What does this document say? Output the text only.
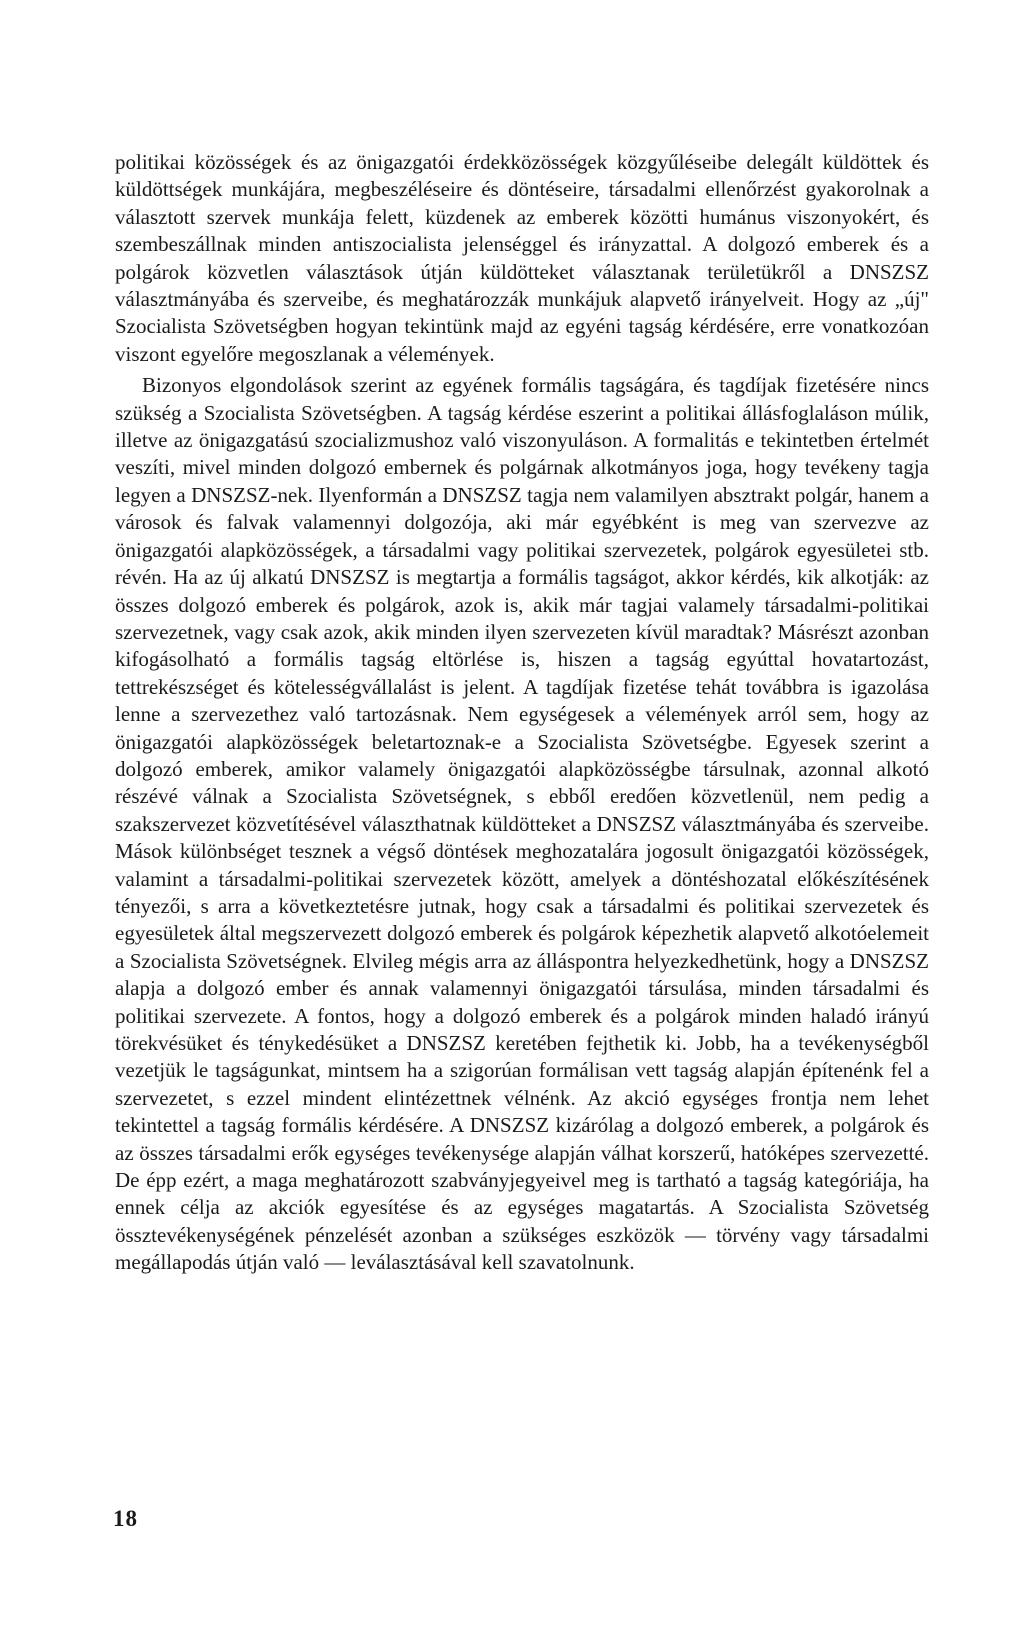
politikai közösségek és az önigazgatói érdekközösségek közgyűléseibe delegált küldöttek és küldöttségek munkájára, megbeszéléseire és döntéseire, társadalmi ellenőrzést gyakorolnak a választott szervek munkája felett, küzdenek az emberek közötti humánus viszonyokért, és szembeszállnak minden antiszocialista jelenséggel és irányzattal. A dolgozó emberek és a polgárok közvetlen választások útján küldötteket választanak területükről a DNSZSZ választmányába és szerveibe, és meghatározzák munkájuk alapvető irányelveit. Hogy az „új" Szocialista Szövetségben hogyan tekintünk majd az egyéni tagság kérdésére, erre vonatkozóan viszont egyelőre megoszlanak a vélemények.

Bizonyos elgondolások szerint az egyének formális tagságára, és tagdíjak fizetésére nincs szükség a Szocialista Szövetségben. A tagság kérdése eszerint a politikai állásfoglaláson múlik, illetve az önigazgatású szocializmushoz való viszonyuláson. A formalitás e tekintetben értelmét veszíti, mivel minden dolgozó embernek és polgárnak alkotmányos joga, hogy tevékeny tagja legyen a DNSZSZ-nek. Ilyenformán a DNSZSZ tagja nem valamilyen absztrakt polgár, hanem a városok és falvak valamennyi dolgozója, aki már egyébként is meg van szervezve az önigazgatói alapközösségek, a társadalmi vagy politikai szervezetek, polgárok egyesületei stb. révén. Ha az új alkatú DNSZSZ is megtartja a formális tagságot, akkor kérdés, kik alkotják: az összes dolgozó emberek és polgárok, azok is, akik már tagjai valamely társadalmi-politikai szervezetnek, vagy csak azok, akik minden ilyen szervezeten kívül maradtak? Másrészt azonban kifogásolható a formális tagság eltörlése is, hiszen a tagság egyúttal hovatartozást, tettrekészséget és kötelességvállalást is jelent. A tagdíjak fizetése tehát továbbra is igazolása lenne a szervezethez való tartozásnak. Nem egységesek a vélemények arról sem, hogy az önigazgatói alapközösségek beletartoznak-e a Szocialista Szövetségbe. Egyesek szerint a dolgozó emberek, amikor valamely önigazgatói alapközösségbe társulnak, azonnal alkotó részévé válnak a Szocialista Szövetségnek, s ebből eredően közvetlenül, nem pedig a szakszervezet közvetítésével választhatnak küldötteket a DNSZSZ választmányába és szerveibe. Mások különbséget tesznek a végső döntések meghozatalára jogosult önigazgatói közösségek, valamint a társadalmi-politikai szervezetek között, amelyek a döntéshozatal előkészítésének tényezői, s arra a következtetésre jutnak, hogy csak a társadalmi és politikai szervezetek és egyesületek által megszervezett dolgozó emberek és polgárok képezhetik alapvető alkotóelemeit a Szocialista Szövetségnek. Elvileg mégis arra az álláspontra helyezkedhetünk, hogy a DNSZSZ alapja a dolgozó ember és annak valamennyi önigazgatói társulása, minden társadalmi és politikai szervezete. A fontos, hogy a dolgozó emberek és a polgárok minden haladó irányú törekvésüket és ténykedésüket a DNSZSZ keretében fejthetik ki. Jobb, ha a tevékenységből vezetjük le tagságunkat, mintsem ha a szigorúan formálisan vett tagság alapján építenénk fel a szervezetet, s ezzel mindent elintézettnek vélnénk. Az akció egységes frontja nem lehet tekintettel a tagság formális kérdésére. A DNSZSZ kizárólag a dolgozó emberek, a polgárok és az összes társadalmi erők egységes tevékenysége alapján válhat korszerű, hatóképes szervezetté. De épp ezért, a maga meghatározott szabványjegyeivel meg is tartható a tagság kategóriája, ha ennek célja az akciók egyesítése és az egységes magatartás. A Szocialista Szövetség össztevékenységének pénzelését azonban a szükséges eszközök — törvény vagy társadalmi megállapodás útján való — leválasztásával kell szavatolnunk.

18
